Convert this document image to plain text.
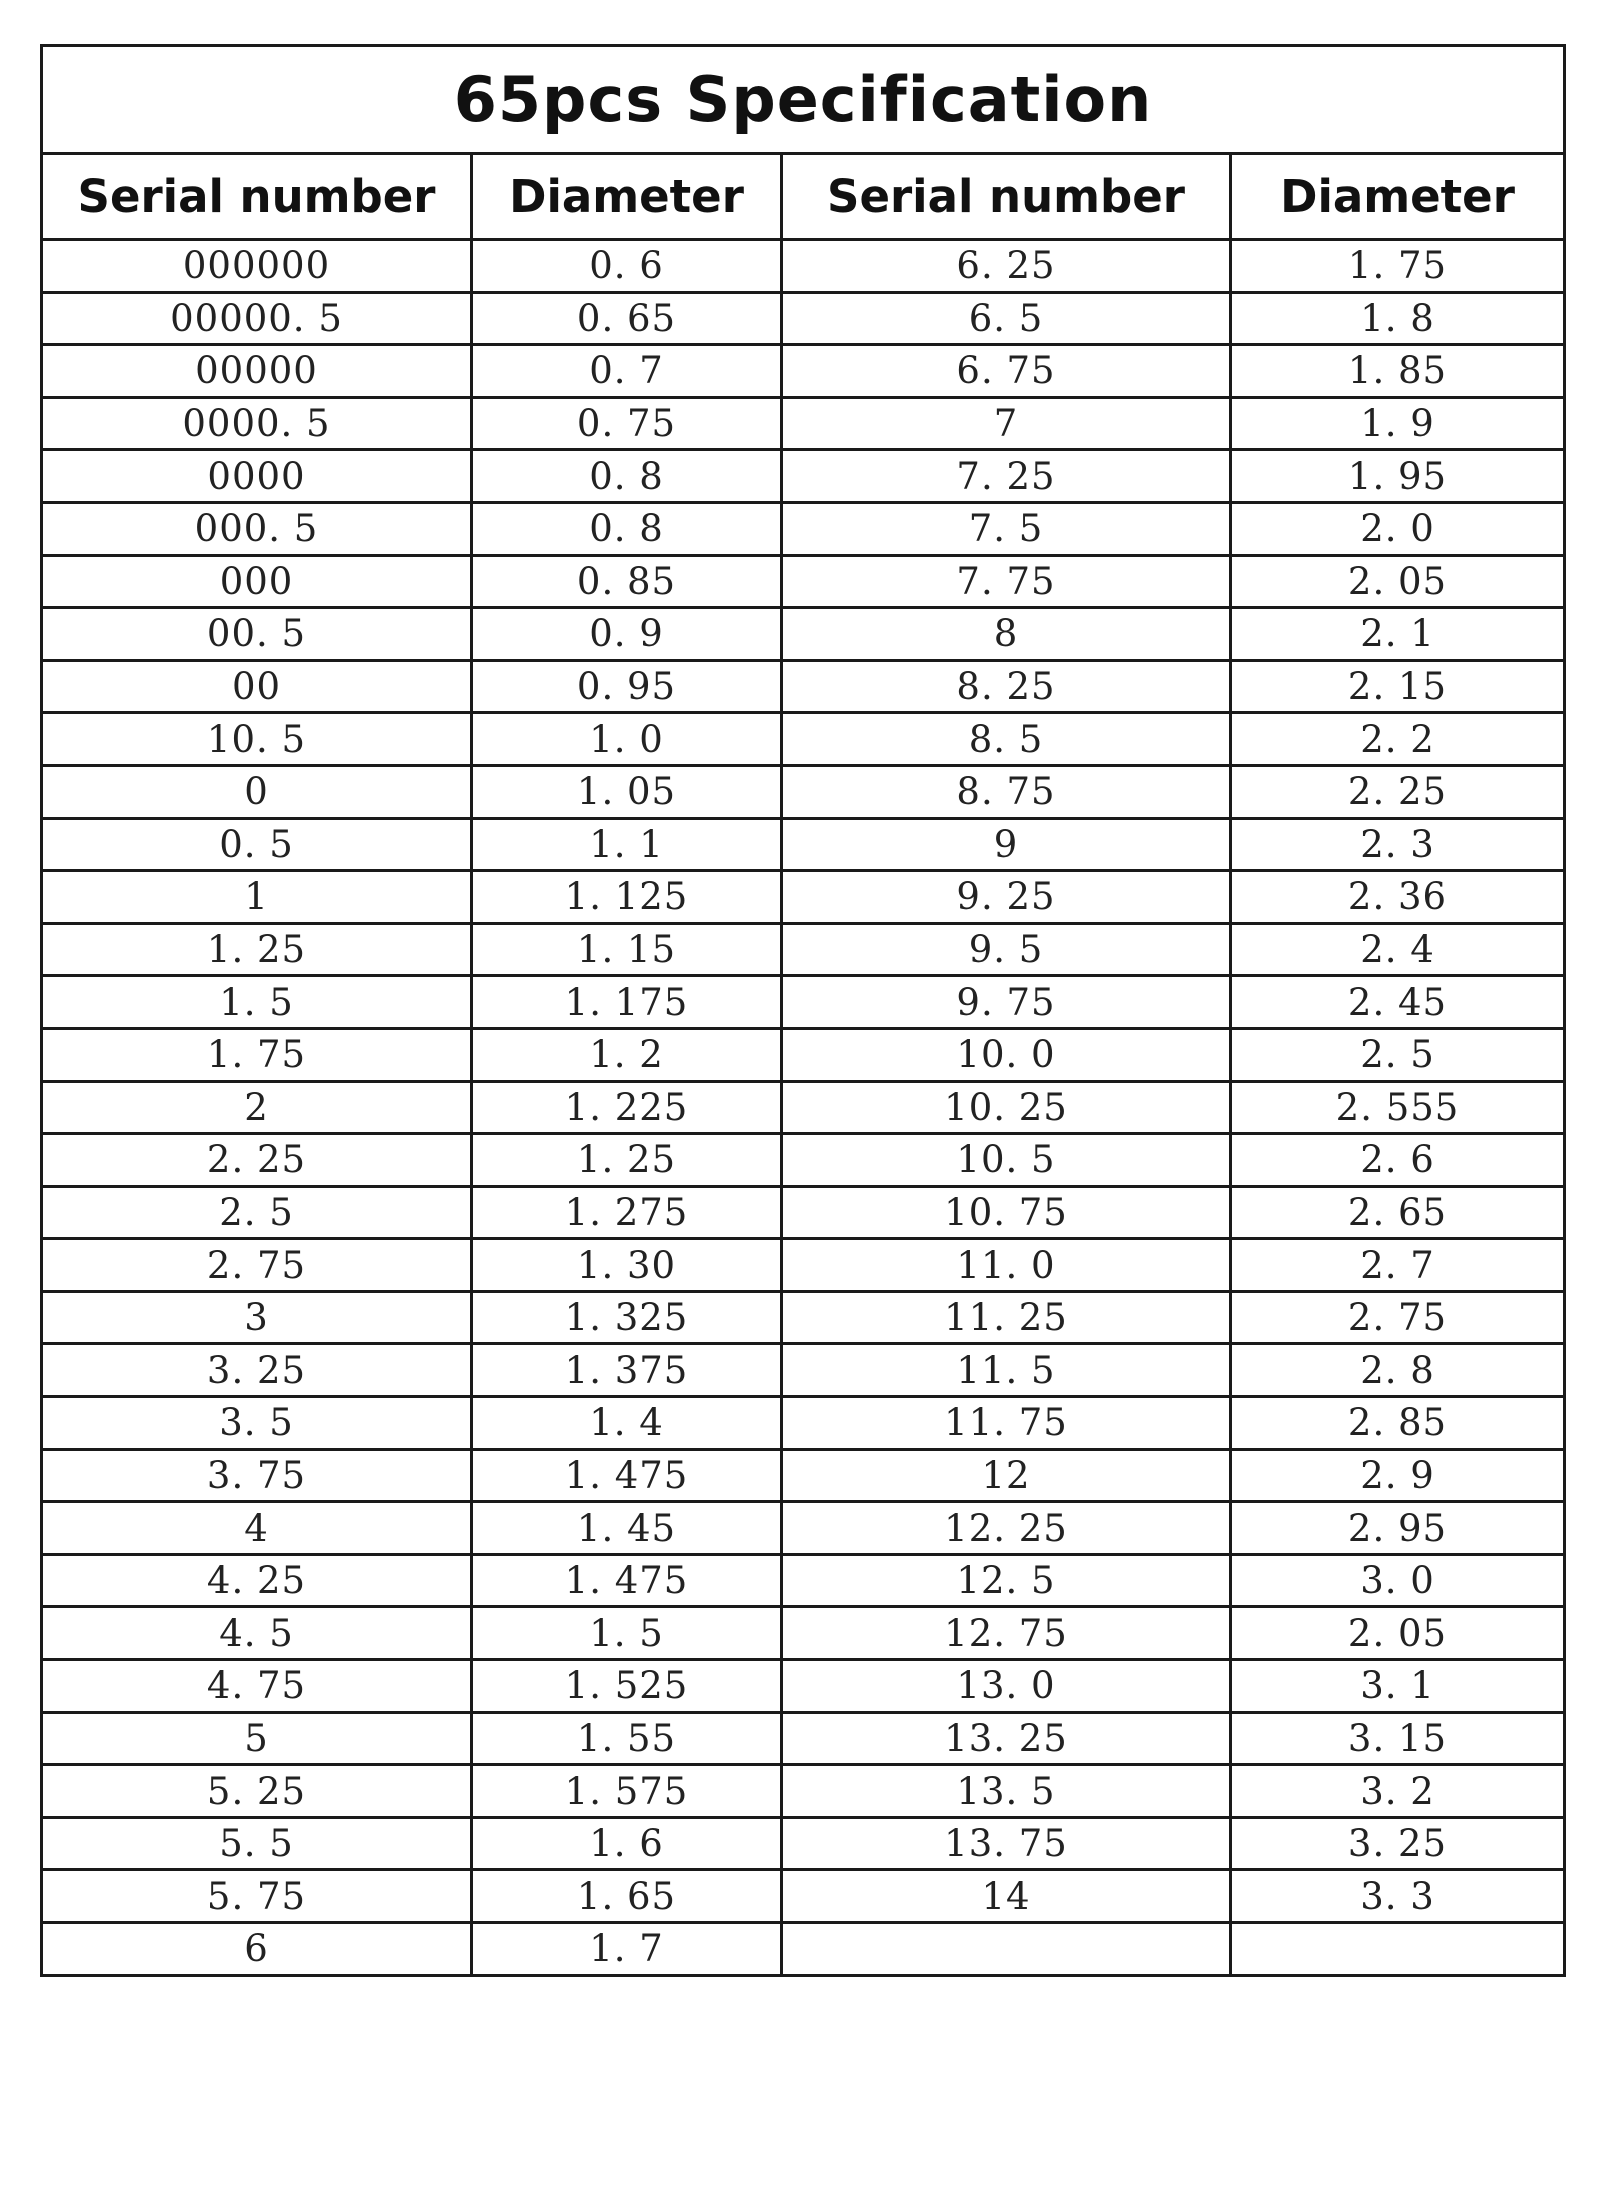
65pcs Specification			
Serial number	Diameter	Serial number	Diameter
000000	0. 6	6. 25	1. 75
00000. 5	0. 65	6. 5	1. 8
00000	0. 7	6. 75	1. 85
0000. 5	0. 75	7	1. 9
0000	0. 8	7. 25	1. 95
000. 5	0. 8	7. 5	2. 0
000	0. 85	7. 75	2. 05
00. 5	0. 9	8	2. 1
00	0. 95	8. 25	2. 15
10. 5	1. 0	8. 5	2. 2
0	1. 05	8. 75	2. 25
0. 5	1. 1	9	2. 3
1	1. 125	9. 25	2. 36
1. 25	1. 15	9. 5	2. 4
1. 5	1. 175	9. 75	2. 45
1. 75	1. 2	10. 0	2. 5
2	1. 225	10. 25	2. 555
2. 25	1. 25	10. 5	2. 6
2. 5	1. 275	10. 75	2. 65
2. 75	1. 30	11. 0	2. 7
3	1. 325	11. 25	2. 75
3. 25	1. 375	11. 5	2. 8
3. 5	1. 4	11. 75	2. 85
3. 75	1. 475	12	2. 9
4	1. 45	12. 25	2. 95
4. 25	1. 475	12. 5	3. 0
4. 5	1. 5	12. 75	2. 05
4. 75	1. 525	13. 0	3. 1
5	1. 55	13. 25	3. 15
5. 25	1. 575	13. 5	3. 2
5. 5	1. 6	13. 75	3. 25
5. 75	1. 65	14	3. 3
6	1. 7		
